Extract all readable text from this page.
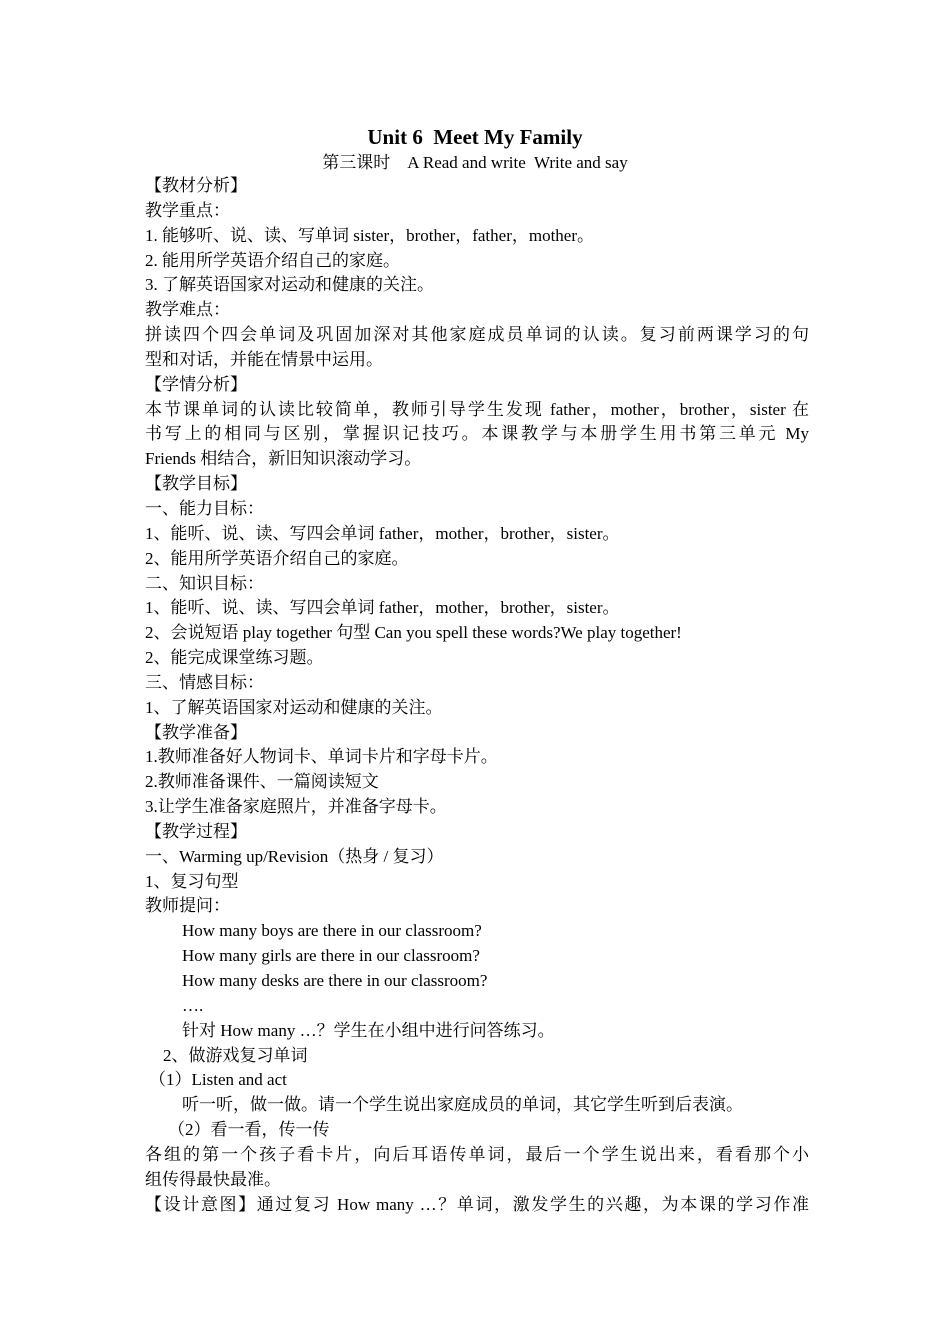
Unit 6  Meet My Family
第三课时    A Read and write  Write and say
【教材分析】
教学重点：
1. 能够听、说、读、写单词 sister，brother，father，mother。
2. 能用所学英语介绍自己的家庭。
3. 了解英语国家对运动和健康的关注。
教学难点：
拼读四个四会单词及巩固加深对其他家庭成员单词的认读。复习前两课学习的句
型和对话，并能在情景中运用。
【学情分析】
本节课单词的认读比较简单，教师引导学生发现 father，mother，brother，sister 在
书写上的相同与区别，掌握识记技巧。本课教学与本册学生用书第三单元 My
Friends 相结合，新旧知识滚动学习。
【教学目标】
一、能力目标：
1、能听、说、读、写四会单词 father，mother，brother，sister。
2、能用所学英语介绍自己的家庭。
二、知识目标：
1、能听、说、读、写四会单词 father，mother，brother，sister。
2、会说短语 play together 句型 Can you spell these words?We play together!
2、能完成课堂练习题。
三、情感目标：
1、了解英语国家对运动和健康的关注。
【教学准备】
1.教师准备好人物词卡、单词卡片和字母卡片。
2.教师准备课件、一篇阅读短文
3.让学生准备家庭照片，并准备字母卡。
【教学过程】
一、Warming up/Revision（热身 / 复习）
1、复习句型
教师提问：
How many boys are there in our classroom?
How many girls are there in our classroom?
How many desks are there in our classroom?
….
针对 How many …？学生在小组中进行问答练习。
2、做游戏复习单词
（1）Listen and act
听一听，做一做。请一个学生说出家庭成员的单词，其它学生听到后表演。
（2）看一看，传一传
各组的第一个孩子看卡片，向后耳语传单词，最后一个学生说出来，看看那个小
组传得最快最准。
【设计意图】通过复习 How many …？单词，激发学生的兴趣，为本课的学习作准
